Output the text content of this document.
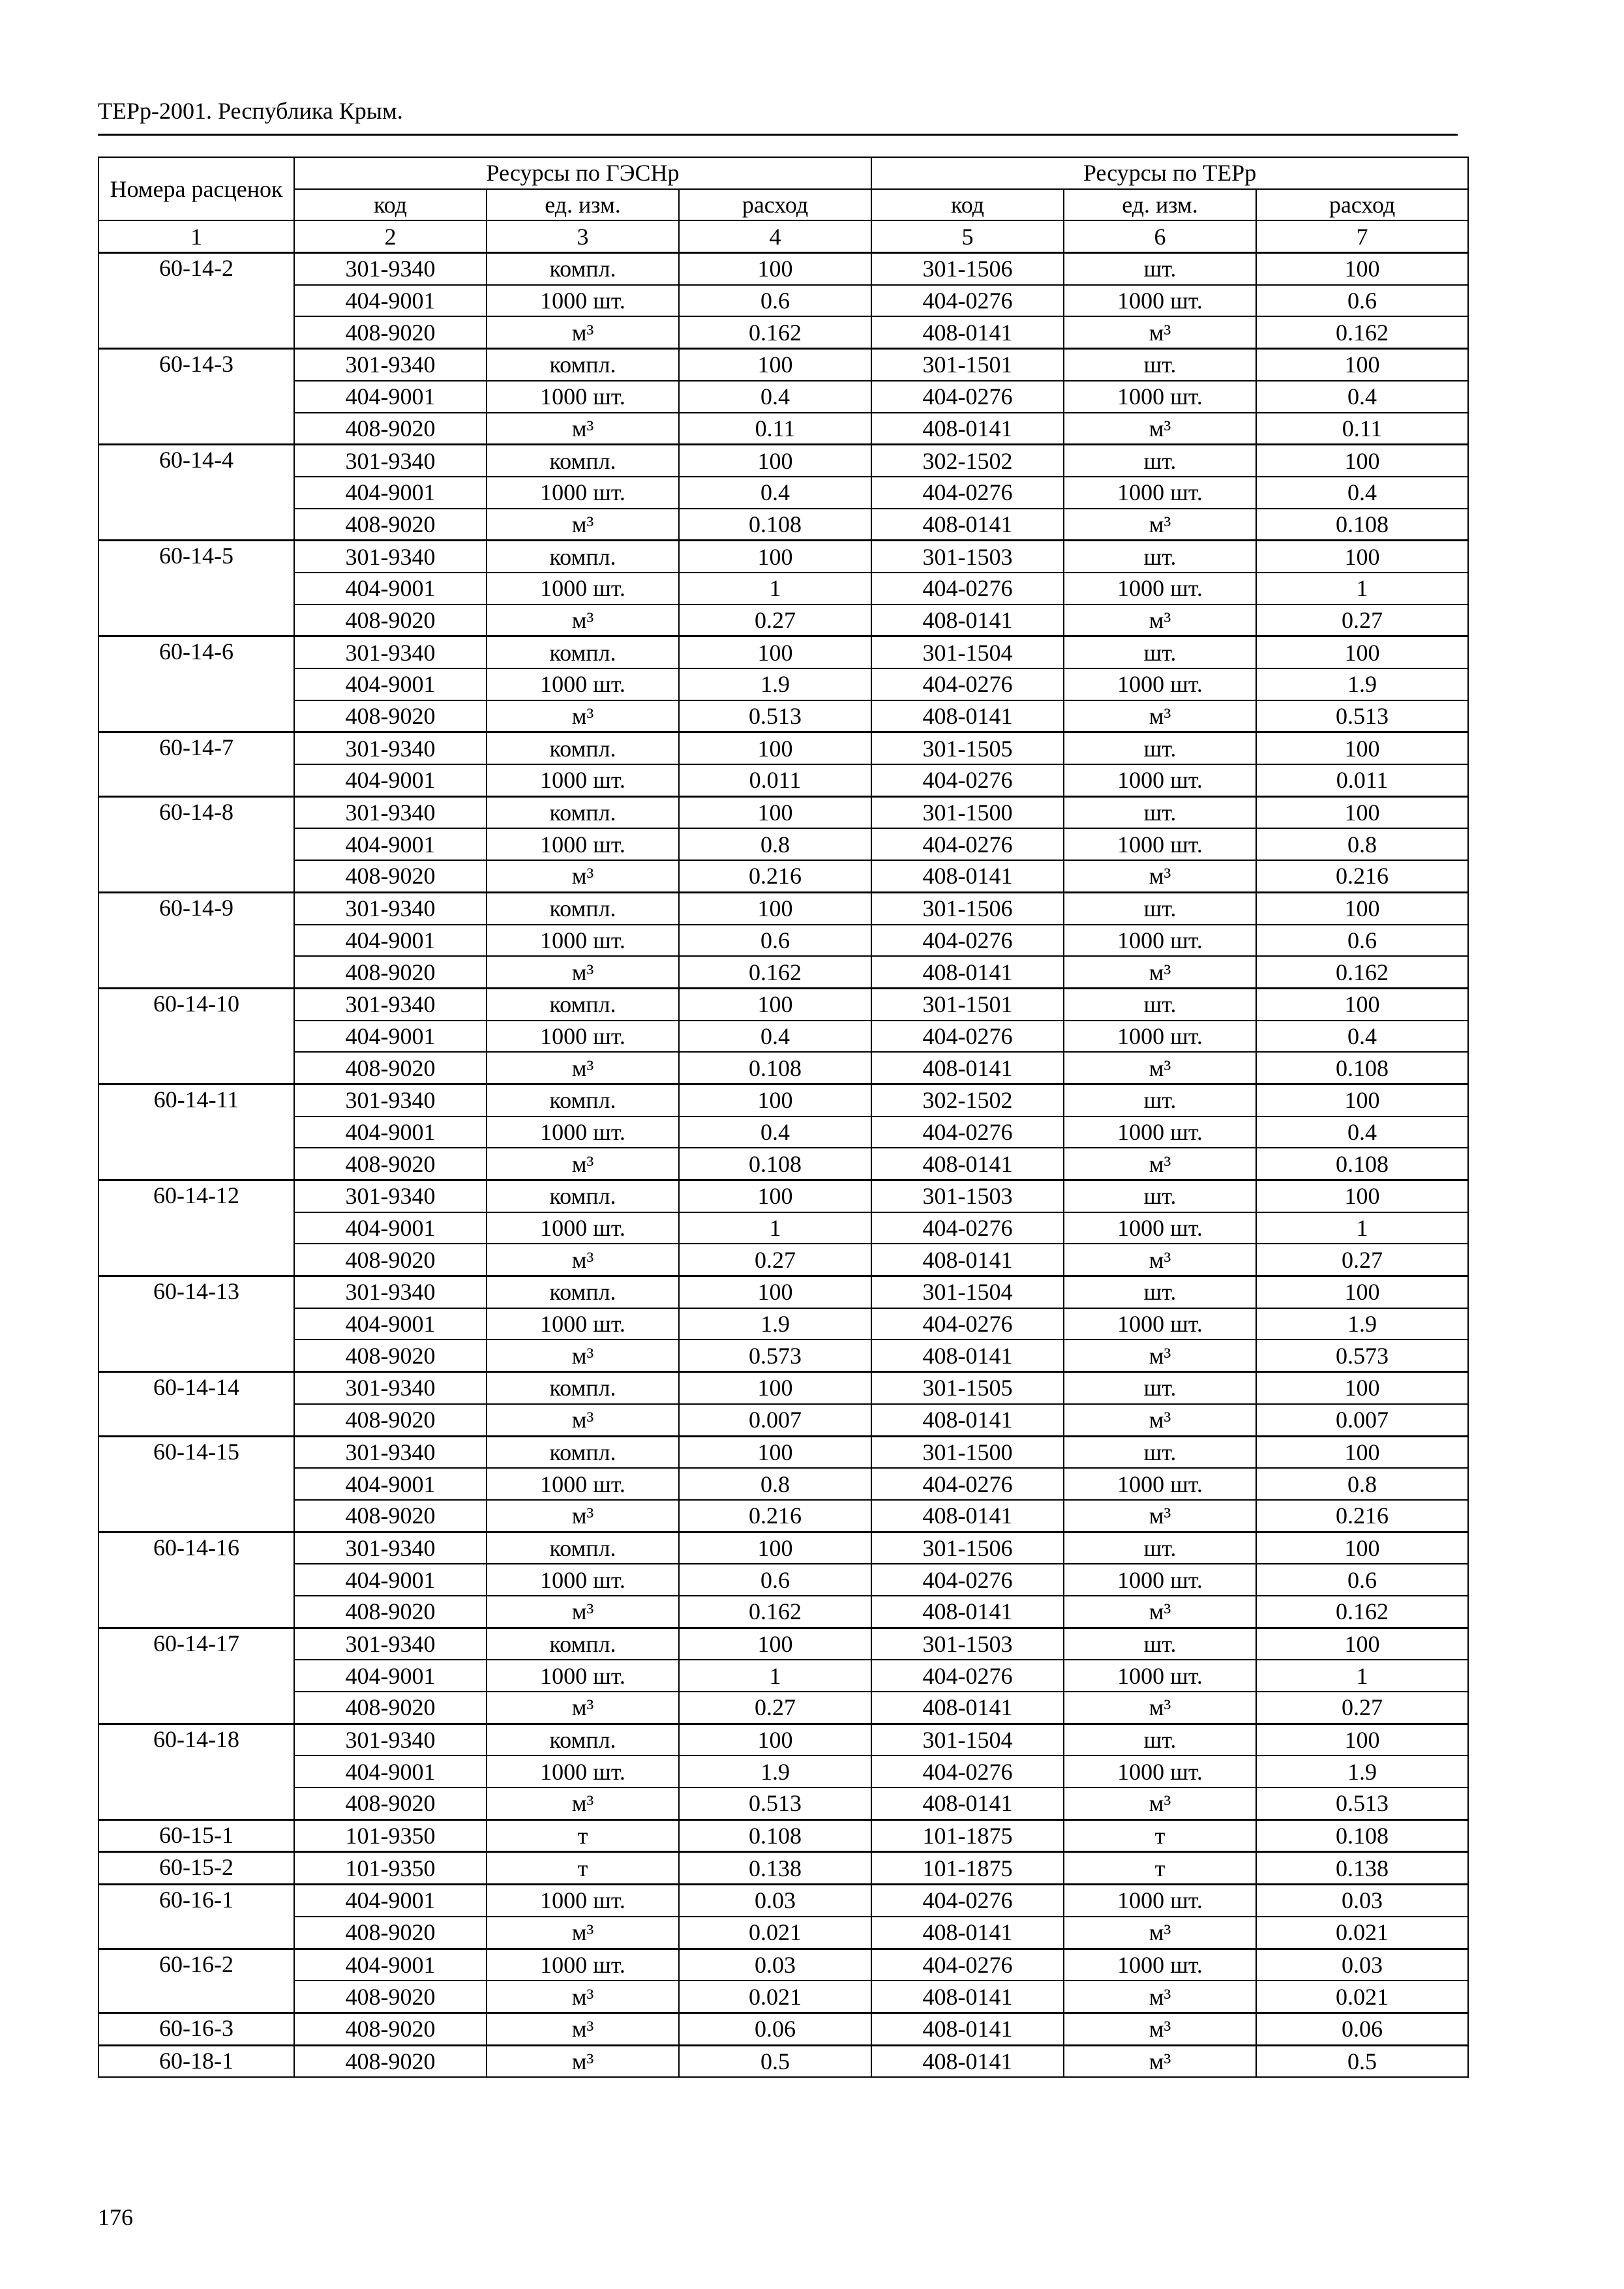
ТЕРр-2001. Республика Крым.
Номера расценок	Ресурсы по ГЭСНр			Ресурсы по ТЕРр		
	код	ед. изм.	расход	код	ед. изм.	расход
1	2	3	4	5	6	7
60-14-2	301-9340	компл.	100	301-1506	шт.	100
	404-9001	1000 шт.	0.6	404-0276	1000 шт.	0.6
	408-9020	м³	0.162	408-0141	м³	0.162
60-14-3	301-9340	компл.	100	301-1501	шт.	100
	404-9001	1000 шт.	0.4	404-0276	1000 шт.	0.4
	408-9020	м³	0.11	408-0141	м³	0.11
60-14-4	301-9340	компл.	100	302-1502	шт.	100
	404-9001	1000 шт.	0.4	404-0276	1000 шт.	0.4
	408-9020	м³	0.108	408-0141	м³	0.108
60-14-5	301-9340	компл.	100	301-1503	шт.	100
	404-9001	1000 шт.	1	404-0276	1000 шт.	1
	408-9020	м³	0.27	408-0141	м³	0.27
60-14-6	301-9340	компл.	100	301-1504	шт.	100
	404-9001	1000 шт.	1.9	404-0276	1000 шт.	1.9
	408-9020	м³	0.513	408-0141	м³	0.513
60-14-7	301-9340	компл.	100	301-1505	шт.	100
	404-9001	1000 шт.	0.011	404-0276	1000 шт.	0.011
60-14-8	301-9340	компл.	100	301-1500	шт.	100
	404-9001	1000 шт.	0.8	404-0276	1000 шт.	0.8
	408-9020	м³	0.216	408-0141	м³	0.216
60-14-9	301-9340	компл.	100	301-1506	шт.	100
	404-9001	1000 шт.	0.6	404-0276	1000 шт.	0.6
	408-9020	м³	0.162	408-0141	м³	0.162
60-14-10	301-9340	компл.	100	301-1501	шт.	100
	404-9001	1000 шт.	0.4	404-0276	1000 шт.	0.4
	408-9020	м³	0.108	408-0141	м³	0.108
60-14-11	301-9340	компл.	100	302-1502	шт.	100
	404-9001	1000 шт.	0.4	404-0276	1000 шт.	0.4
	408-9020	м³	0.108	408-0141	м³	0.108
60-14-12	301-9340	компл.	100	301-1503	шт.	100
	404-9001	1000 шт.	1	404-0276	1000 шт.	1
	408-9020	м³	0.27	408-0141	м³	0.27
60-14-13	301-9340	компл.	100	301-1504	шт.	100
	404-9001	1000 шт.	1.9	404-0276	1000 шт.	1.9
	408-9020	м³	0.573	408-0141	м³	0.573
60-14-14	301-9340	компл.	100	301-1505	шт.	100
	408-9020	м³	0.007	408-0141	м³	0.007
60-14-15	301-9340	компл.	100	301-1500	шт.	100
	404-9001	1000 шт.	0.8	404-0276	1000 шт.	0.8
	408-9020	м³	0.216	408-0141	м³	0.216
60-14-16	301-9340	компл.	100	301-1506	шт.	100
	404-9001	1000 шт.	0.6	404-0276	1000 шт.	0.6
	408-9020	м³	0.162	408-0141	м³	0.162
60-14-17	301-9340	компл.	100	301-1503	шт.	100
	404-9001	1000 шт.	1	404-0276	1000 шт.	1
	408-9020	м³	0.27	408-0141	м³	0.27
60-14-18	301-9340	компл.	100	301-1504	шт.	100
	404-9001	1000 шт.	1.9	404-0276	1000 шт.	1.9
	408-9020	м³	0.513	408-0141	м³	0.513
60-15-1	101-9350	т	0.108	101-1875	т	0.108
60-15-2	101-9350	т	0.138	101-1875	т	0.138
60-16-1	404-9001	1000 шт.	0.03	404-0276	1000 шт.	0.03
	408-9020	м³	0.021	408-0141	м³	0.021
60-16-2	404-9001	1000 шт.	0.03	404-0276	1000 шт.	0.03
	408-9020	м³	0.021	408-0141	м³	0.021
60-16-3	408-9020	м³	0.06	408-0141	м³	0.06
60-18-1	408-9020	м³	0.5	408-0141	м³	0.5
176
